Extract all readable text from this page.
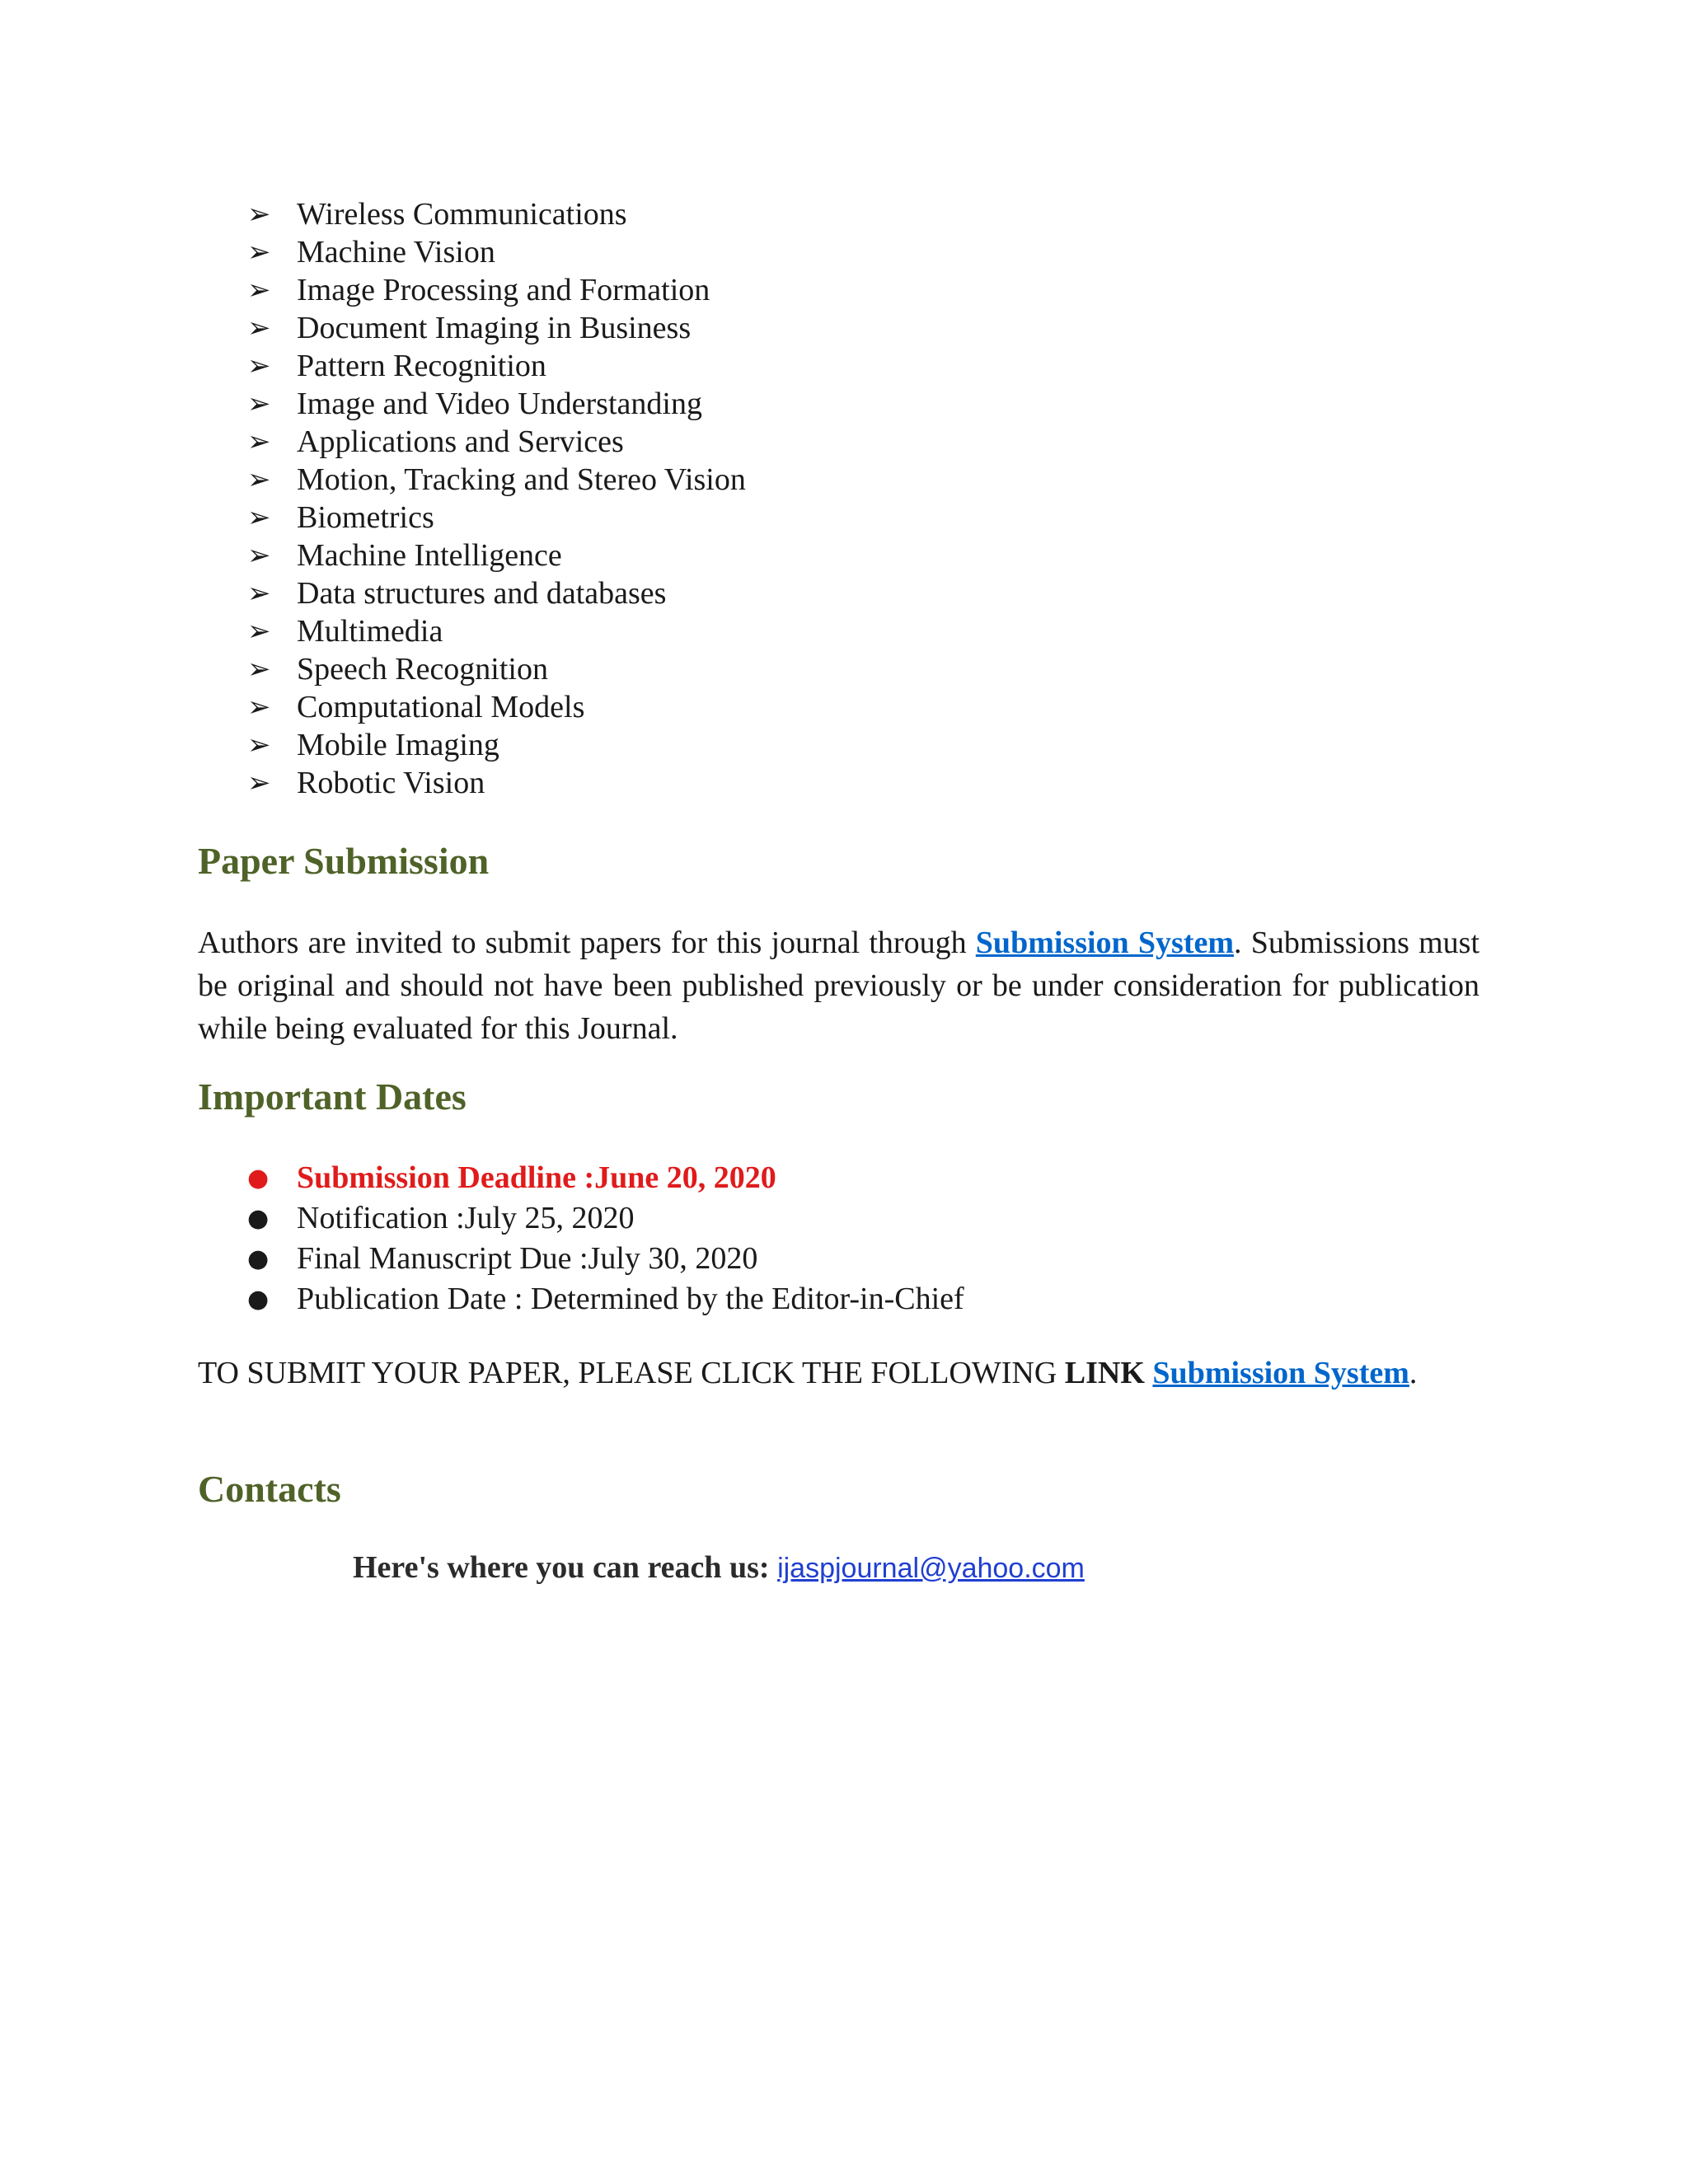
➢ Wireless Communications
➢ Machine Vision
➢ Image Processing and Formation
➢ Document Imaging in Business
➢ Pattern Recognition
➢ Image and Video Understanding
➢ Applications and Services
➢ Motion, Tracking and Stereo Vision
➢ Biometrics
➢ Machine Intelligence
➢ Data structures and databases
➢ Multimedia
➢ Speech Recognition
➢ Computational Models
➢ Mobile Imaging
➢ Robotic Vision
Paper Submission

Authors are invited to submit papers for this journal through Submission System. Submissions must be original and should not have been published previously or be under consideration for publication while being evaluated for this Journal.

Important Dates
● Submission Deadline :June 20, 2020
● Notification :July 25, 2020
● Final Manuscript Due :July 30, 2020
● Publication Date : Determined by the Editor-in-Chief

TO SUBMIT YOUR PAPER, PLEASE CLICK THE FOLLOWING LINK Submission System.

Contacts

Here's where you can reach us: ijaspjournal@yahoo.com
